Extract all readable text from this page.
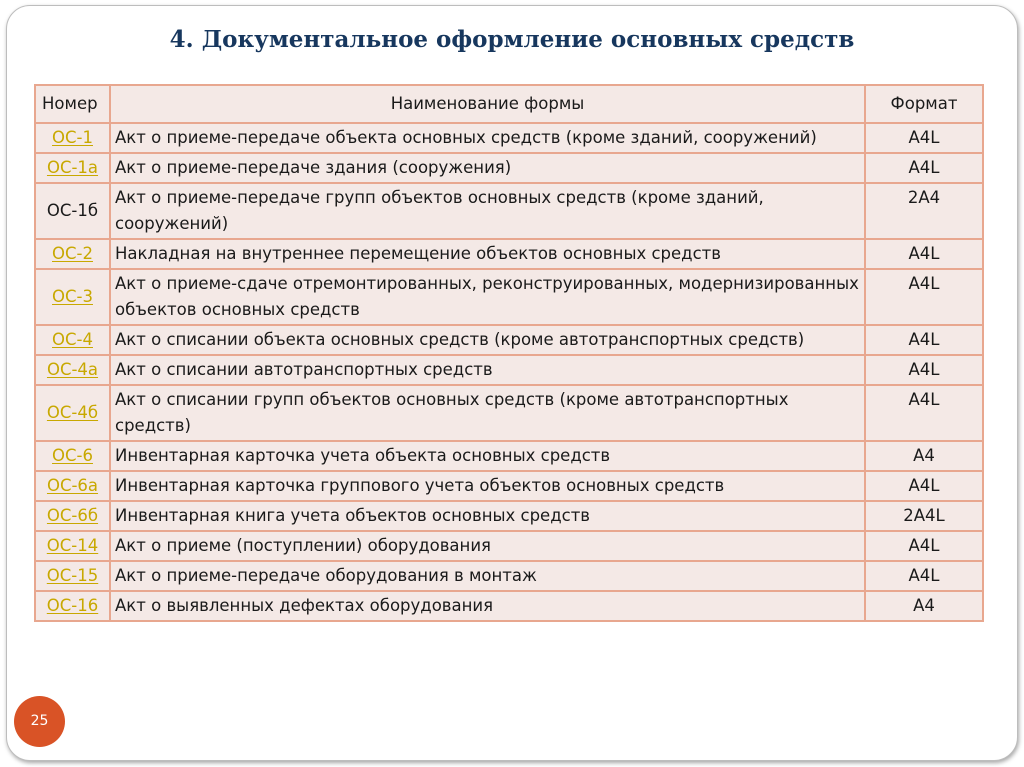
4. Документальное оформление основных средств
Номер	Наименование формы	Формат
ОС-1	Акт о приеме-передаче объекта основных средств (кроме зданий, сооружений)	A4L
ОС-1а	Акт о приеме-передаче здания (сооружения)	A4L
ОС-1б	Акт о приеме-передаче групп объектов основных средств (кроме зданий, сооружений)	2A4
ОС-2	Накладная на внутреннее перемещение объектов основных средств	A4L
ОС-3	Акт о приеме-сдаче отремонтированных, реконструированных, модернизированных объектов основных средств	A4L
ОС-4	Акт о списании объекта основных средств (кроме автотранспортных средств)	A4L
ОС-4а	Акт о списании автотранспортных средств	A4L
ОС-4б	Акт о списании групп объектов основных средств (кроме автотранспортных средств)	A4L
ОС-6	Инвентарная карточка учета объекта основных средств	A4
ОС-6а	Инвентарная карточка группового учета объектов основных средств	A4L
ОС-6б	Инвентарная книга учета объектов основных средств	2A4L
ОС-14	Акт о приеме (поступлении) оборудования	A4L
ОС-15	Акт о приеме-передаче оборудования в монтаж	A4L
ОС-16	Акт о выявленных дефектах оборудования	A4
25
